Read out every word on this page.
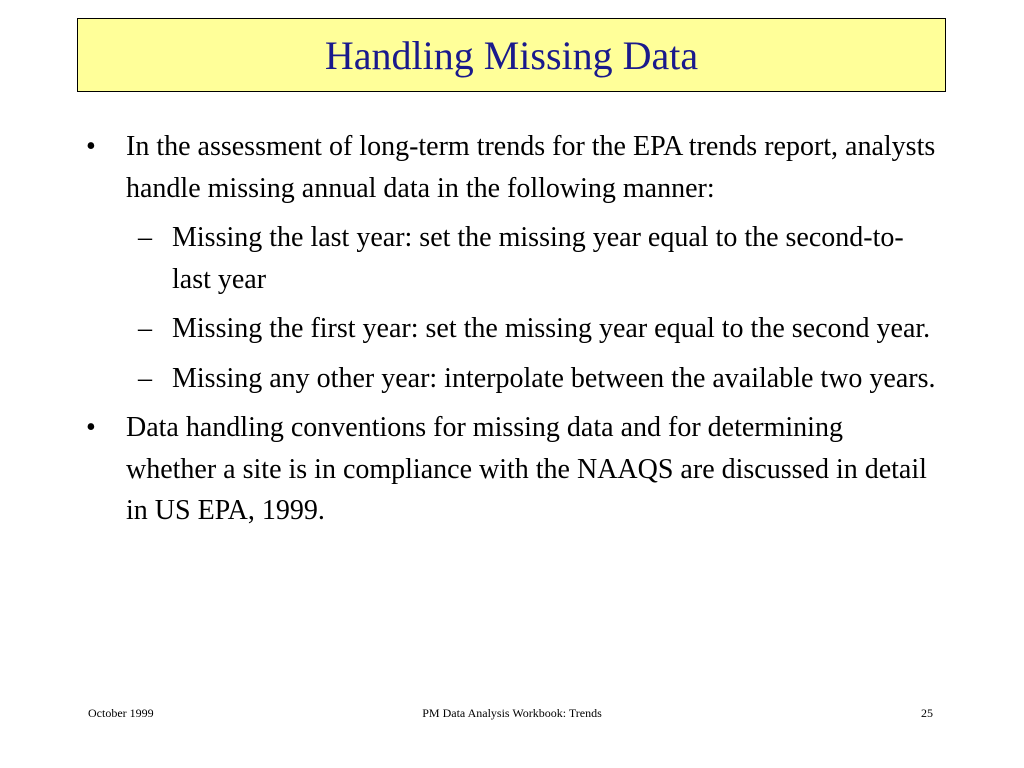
Handling Missing Data
•	In the assessment of long-term trends for the EPA trends report, analysts handle missing annual data in the following manner:
– Missing the last year: set the missing year equal to the second-to-last year
– Missing the first year: set the missing year equal to the second year.
– Missing any other year: interpolate between the available two years.
•	Data handling conventions for missing data and for determining whether a site is in compliance with the NAAQS are discussed in detail in US EPA, 1999.
October 1999	PM Data Analysis Workbook: Trends	25
